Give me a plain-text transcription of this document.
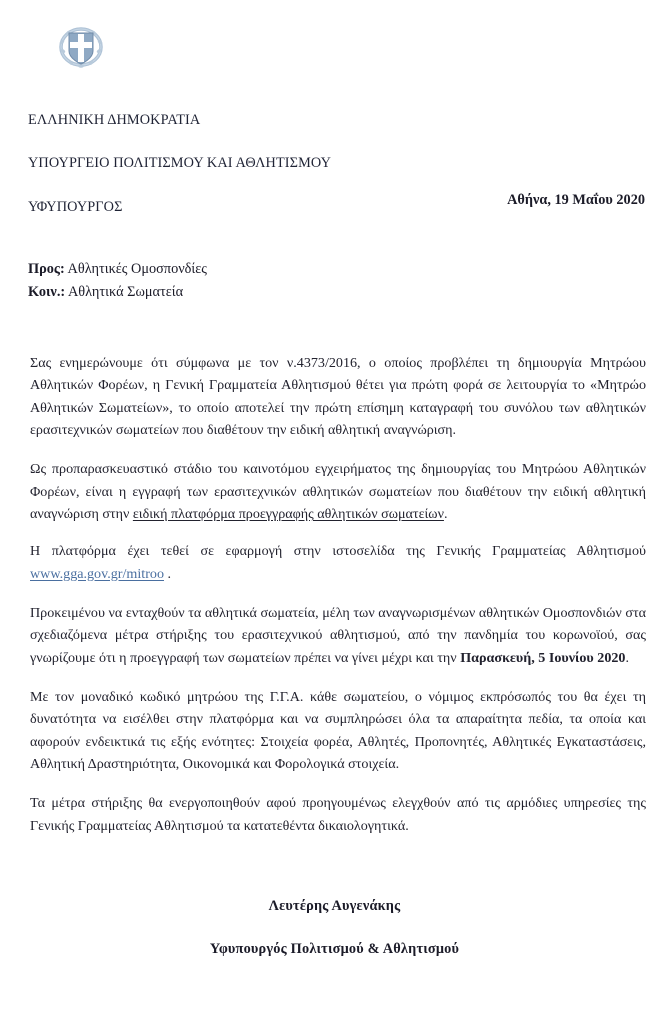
ΕΛΛΗΝΙΚΗ ΔΗΜΟΚΡΑΤΙΑ

ΥΠΟΥΡΓΕΙΟ ΠΟΛΙΤΙΣΜΟΥ ΚΑΙ ΑΘΛΗΤΙΣΜΟΥ

ΥΦΥΠΟΥΡΓΟΣ	Αθήνα, 19 Μαΐου 2020
Προς: Αθλητικές Ομοσπονδίες
Κοιν.: Αθλητικά Σωματεία

Σας ενημερώνουμε ότι σύμφωνα με τον ν.4373/2016, ο οποίος προβλέπει τη δημιουργία Μητρώου Αθλητικών Φορέων, η Γενική Γραμματεία Αθλητισμού θέτει για πρώτη φορά σε λειτουργία το «Μητρώο Αθλητικών Σωματείων», το οποίο αποτελεί την πρώτη επίσημη καταγραφή του συνόλου των αθλητικών ερασιτεχνικών σωματείων που διαθέτουν την ειδική αθλητική αναγνώριση.

Ως προπαρασκευαστικό στάδιο του καινοτόμου εγχειρήματος της δημιουργίας του Μητρώου Αθλητικών Φορέων, είναι η εγγραφή των ερασιτεχνικών αθλητικών σωματείων που διαθέτουν την ειδική αθλητική αναγνώριση στην ειδική πλατφόρμα προεγγραφής αθλητικών σωματείων.

Η πλατφόρμα έχει τεθεί σε εφαρμογή στην ιστοσελίδα της Γενικής Γραμματείας Αθλητισμού www.gga.gov.gr/mitroo .

Προκειμένου να ενταχθούν τα αθλητικά σωματεία, μέλη των αναγνωρισμένων αθλητικών Ομοσπονδιών στα σχεδιαζόμενα μέτρα στήριξης του ερασιτεχνικού αθλητισμού, από την πανδημία του κορωνοϊού, σας γνωρίζουμε ότι η προεγγραφή των σωματείων πρέπει να γίνει μέχρι και την Παρασκευή, 5 Ιουνίου 2020.

Με τον μοναδικό κωδικό μητρώου της Γ.Γ.Α. κάθε σωματείου, ο νόμιμος εκπρόσωπός του θα έχει τη δυνατότητα να εισέλθει στην πλατφόρμα και να συμπληρώσει όλα τα απαραίτητα πεδία, τα οποία και αφορούν ενδεικτικά τις εξής ενότητες: Στοιχεία φορέα, Αθλητές, Προπονητές, Αθλητικές Εγκαταστάσεις, Αθλητική Δραστηριότητα, Οικονομικά και Φορολογικά στοιχεία.

Τα μέτρα στήριξης θα ενεργοποιηθούν αφού προηγουμένως ελεγχθούν από τις αρμόδιες υπηρεσίες της Γενικής Γραμματείας Αθλητισμού τα κατατεθέντα δικαιολογητικά.

Λευτέρης Αυγενάκης
Υφυπουργός Πολιτισμού & Αθλητισμού
